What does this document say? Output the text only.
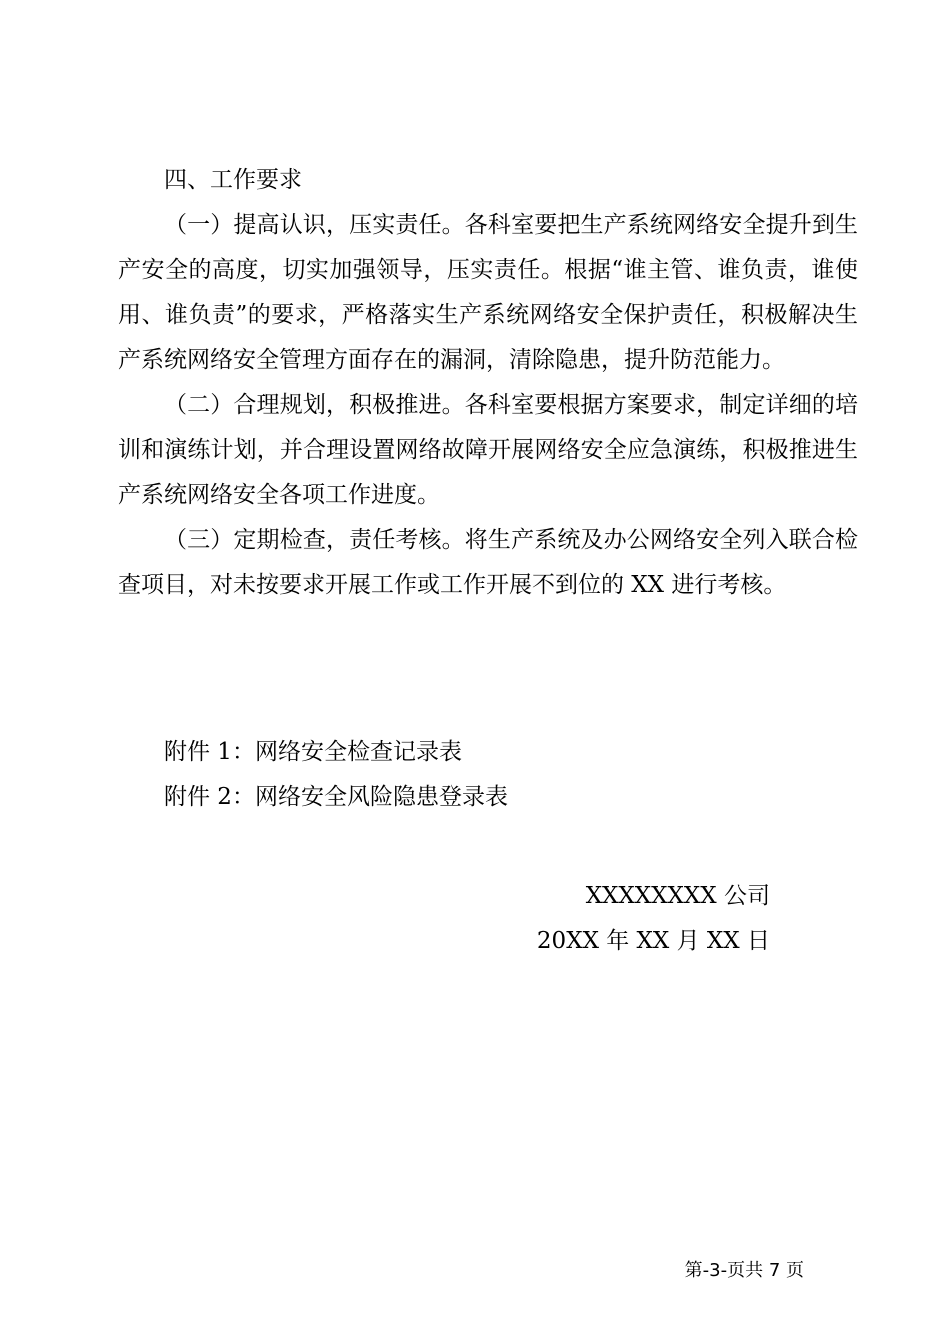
四、工作要求

（一）提高认识，压实责任。各科室要把生产系统网络安全提升到生产安全的高度，切实加强领导，压实责任。根据“谁主管、谁负责，谁使用、谁负责”的要求，严格落实生产系统网络安全保护责任，积极解决生产系统网络安全管理方面存在的漏洞，清除隐患，提升防范能力。

（二）合理规划，积极推进。各科室要根据方案要求，制定详细的培训和演练计划，并合理设置网络故障开展网络安全应急演练，积极推进生产系统网络安全各项工作进度。

（三）定期检查，责任考核。将生产系统及办公网络安全列入联合检查项目，对未按要求开展工作或工作开展不到位的 XX 进行考核。

附件 1：网络安全检查记录表
附件 2：网络安全风险隐患登录表
XXXXXXXX 公司
20XX 年 XX 月 XX 日
第-3-页共 7 页
